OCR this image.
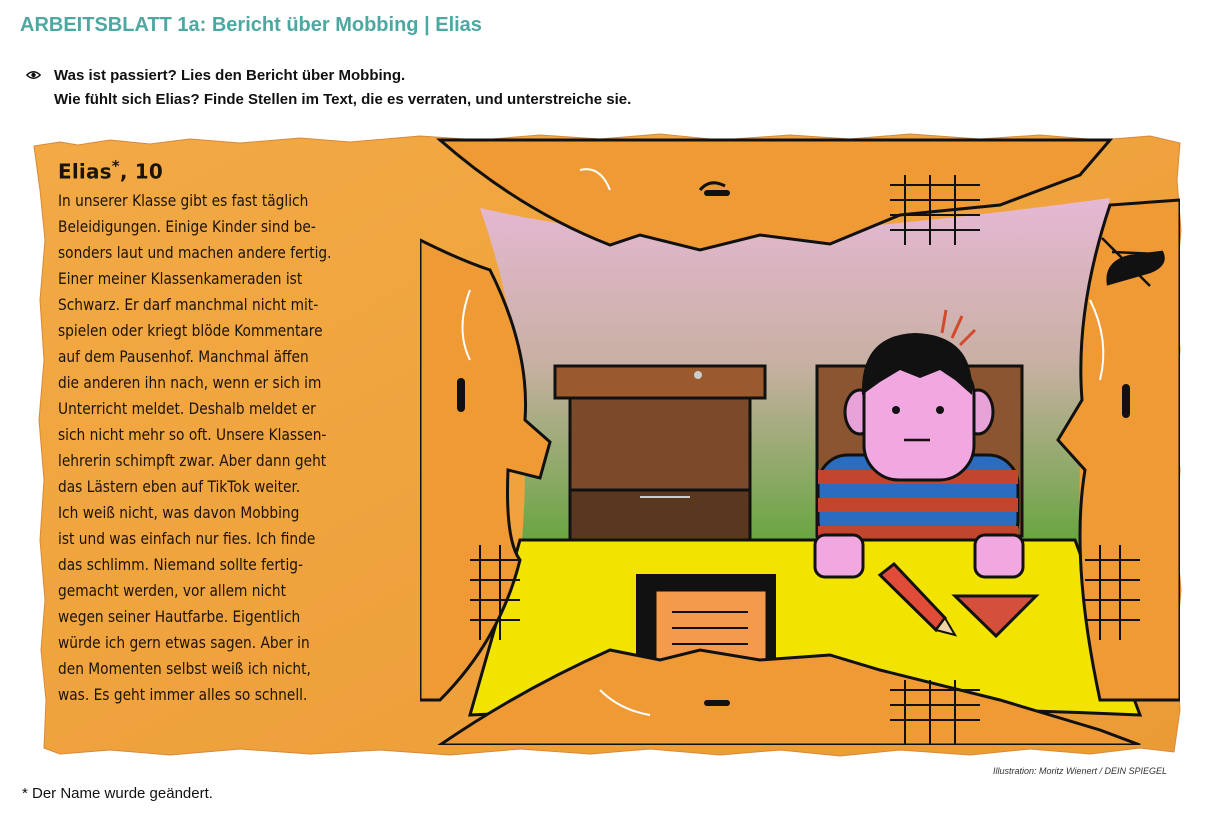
ARBEITSBLATT 1a: Bericht über Mobbing | Elias
Was ist passiert? Lies den Bericht über Mobbing.
Wie fühlt sich Elias? Finde Stellen im Text, die es verraten, und unterstreiche sie.
Elias*, 10
In unserer Klasse gibt es fast täglich
Beleidigungen. Einige Kinder sind be-
sonders laut und machen andere fertig.
Einer meiner Klassenkameraden ist
Schwarz. Er darf manchmal nicht mit-
spielen oder kriegt blöde Kommentare
auf dem Pausenhof. Manchmal äffen
die anderen ihn nach, wenn er sich im
Unterricht meldet. Deshalb meldet er
sich nicht mehr so oft. Unsere Klassen-
lehrerin schimpft zwar. Aber dann geht
das Lästern eben auf TikTok weiter.
Ich weiß nicht, was davon Mobbing
ist und was einfach nur fies. Ich finde
das schlimm. Niemand sollte fertig-
gemacht werden, vor allem nicht
wegen seiner Hautfarbe. Eigentlich
würde ich gern etwas sagen. Aber in
den Momenten selbst weiß ich nicht,
was. Es geht immer alles so schnell.
Illustration: Moritz Wienert / DEIN SPIEGEL
* Der Name wurde geändert.
